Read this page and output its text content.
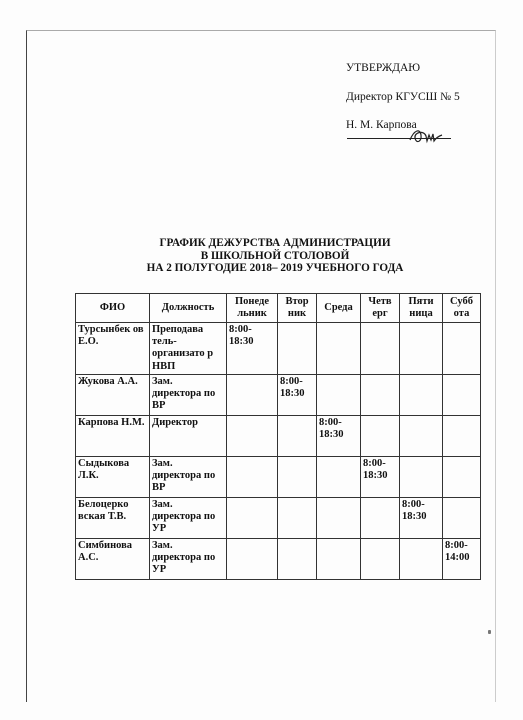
УТВЕРЖДАЮ
Директор КГУСШ № 5
Н. М. Карпова
ГРАФИК ДЕЖУРСТВА АДМИНИСТРАЦИИ
В ШКОЛЬНОЙ СТОЛОВОЙ
НА 2 ПОЛУГОДИЕ 2018– 2019 УЧЕБНОГО ГОДА
ФИО	Должность	Понеде льник	Втор ник	Среда	Четв ерг	Пяти ница	Субб ота
Турсынбек ов Е.О.	Преподава тель-организато р НВП	8:00-18:30					
Жукова А.А.	Зам. директора по ВР		8:00-18:30				
Карпова Н.М.	Директор			8:00-18:30			
Сыдыкова Л.К.	Зам. директора по ВР				8:00-18:30		
Белоцерко вская Т.В.	Зам. директора по УР					8:00-18:30	
Симбинова А.С.	Зам. директора по УР						8:00-14:00
